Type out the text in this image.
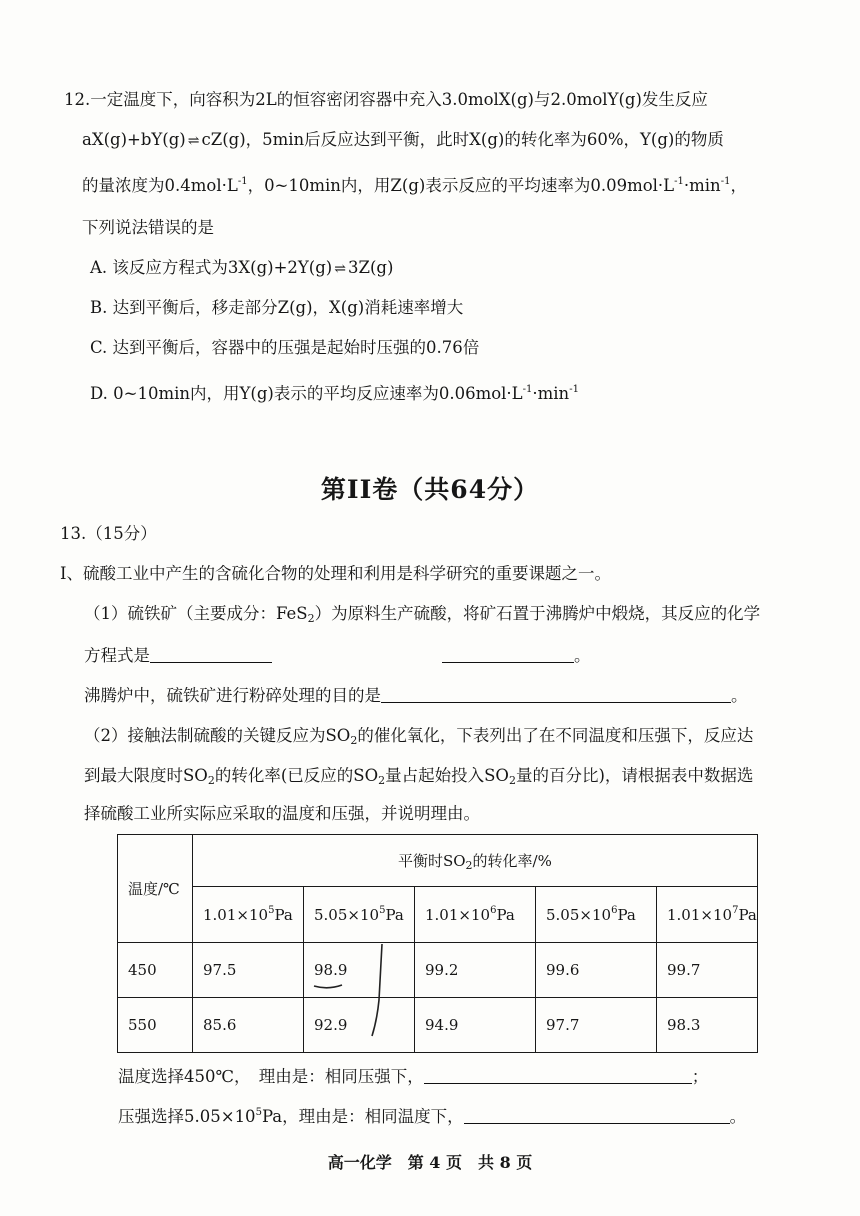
12.一定温度下，向容积为2L的恒容密闭容器中充入3.0molX(g)与2.0molY(g)发生反应
aX(g)+bY(g) ⇌ cZ(g)，5min后反应达到平衡，此时X(g)的转化率为60%，Y(g)的物质
的量浓度为$0.4mol\cdot L^{-1}$，0~10min内，用Z(g)表示反应的平均速率为$0.09mol\cdot L^{-1}\cdot\min^{-1}$，
下列说法错误的是
A. 该反应方程式为3X(g)+2Y(g) ⇌ 3Z(g)
B. 达到平衡后，移走部分Z(g)，X(g)消耗速率增大
C. 达到平衡后，容器中的压强是起始时压强的0.76倍
D. 0~10min内，用Y(g)表示的平均反应速率为$0.06mol\cdot L^{-1}\cdot\min^{-1}$
第II卷（共64分）
13.（15分）
I、硫酸工业中产生的含硫化合物的处理和利用是科学研究的重要课题之一。
（1）硫铁矿（主要成分：FeS$_2$）为原料生产硫酸，将矿石置于沸腾炉中煅烧，其反应的化学
方程式是	。
沸腾炉中，硫铁矿进行粉碎处理的目的是	。
（2）接触法制硫酸的关键反应为$SO_2$的催化氧化，下表列出了在不同温度和压强下，反应达
到最大限度时$SO_2$的转化率(已反应的$SO_2$量占起始投入$SO_2$量的百分比)，请根据表中数据选
择硫酸工业所实际应采取的温度和压强，并说明理由。
温度/℃	平衡时$SO_2$的转化率/%				
	$1.01\times 10^5Pa$	$5.05\times 10^5Pa$	$1.01\times 10^6Pa$	$5.05\times 10^6Pa$	$1.01\times 10^7Pa$
450	97.5	98.9	99.2	99.6	99.7
550	85.6	92.9	94.9	97.7	98.3
温度选择450℃，　理由是：相同压强下，	；
压强选择$5.05\times 10^5Pa$，理由是：相同温度下，	。
高一化学　第 4 页　共 8 页
